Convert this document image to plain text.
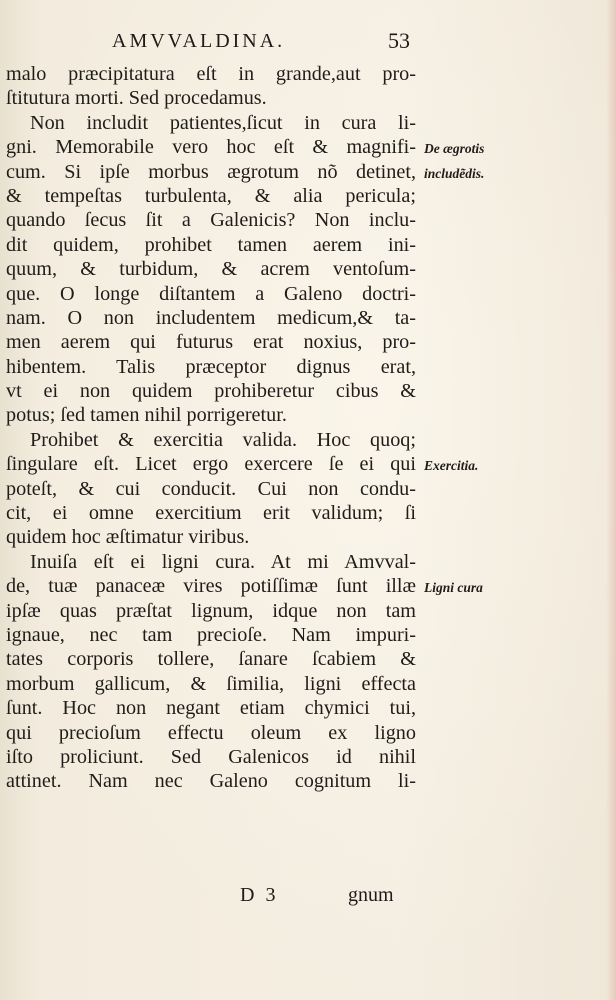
AMVVALDINA.	53
malo præcipitatura eſt in grande,aut pro-
ſtitutura morti. Sed procedamus.
Non includit patientes,ſicut in cura li-
gni. Memorabile vero hoc eſt & magnifi-
cum. Si ipſe morbus ægrotum nõ detinet,
& tempeſtas turbulenta, & alia pericula;
quando ſecus ſit a Galenicis? Non inclu-
dit quidem, prohibet tamen aerem ini-
quum, & turbidum, & acrem ventoſum-
que. O longe diſtantem a Galeno doctri-
nam. O non includentem medicum,& ta-
men aerem qui futurus erat noxius, pro-
hibentem. Talis præceptor dignus erat,
vt ei non quidem prohiberetur cibus &
potus; ſed tamen nihil porrigeretur.
Prohibet & exercitia valida. Hoc quoq;
ſingulare eſt. Licet ergo exercere ſe ei qui
poteſt, & cui conducit. Cui non condu-
cit, ei omne exercitium erit validum; ſi
quidem hoc æſtimatur viribus.
Inuiſa eſt ei ligni cura. At mi Amvval-
de, tuæ panaceæ vires potiſſimæ ſunt illæ
ipſæ quas præſtat lignum, idque non tam
ignaue, nec tam precioſe. Nam impuri-
tates corporis tollere, ſanare ſcabiem &
morbum gallicum, & ſimilia, ligni effecta
ſunt. Hoc non negant etiam chymici tui,
qui precioſum effectu oleum ex ligno
iſto proliciunt. Sed Galenicos id nihil
attinet. Nam nec Galeno cognitum li-
De ægrotis
includẽdis.
Exercitia.
Ligni cura
D 3	gnum
